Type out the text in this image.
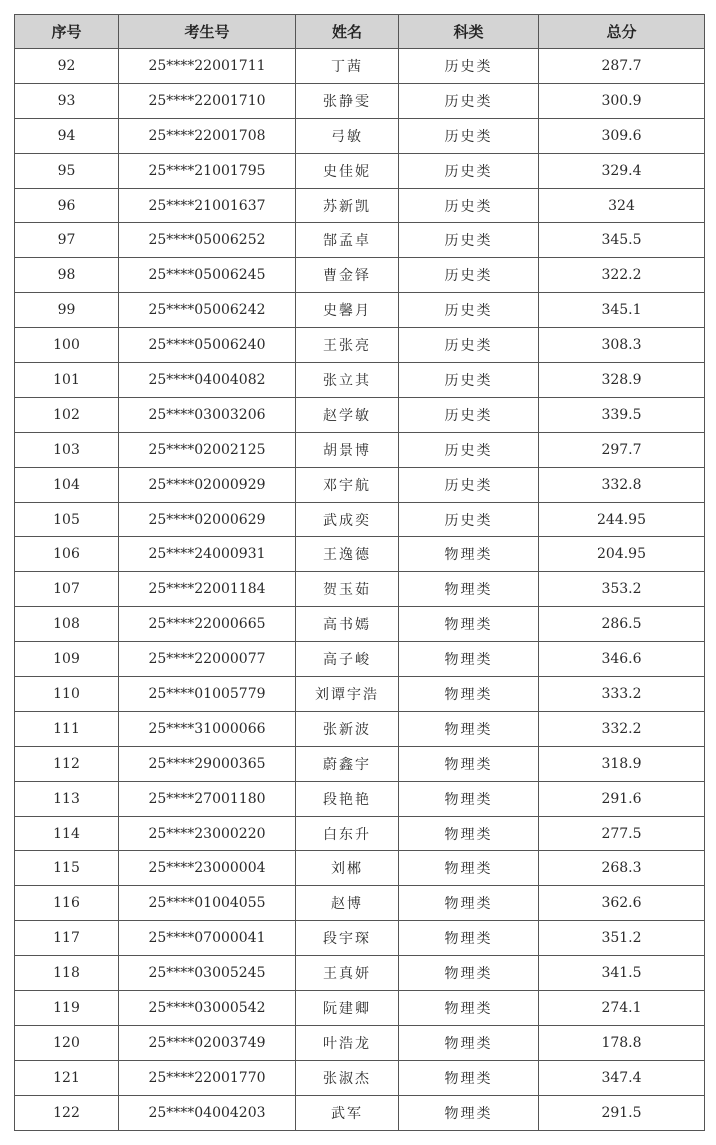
序号	考生号	姓名	科类	总分
92	25****22001711	丁茜	历史类	287.7
93	25****22001710	张静雯	历史类	300.9
94	25****22001708	弓敏	历史类	309.6
95	25****21001795	史佳妮	历史类	329.4
96	25****21001637	苏新凯	历史类	324
97	25****05006252	郜孟卓	历史类	345.5
98	25****05006245	曹金铎	历史类	322.2
99	25****05006242	史馨月	历史类	345.1
100	25****05006240	王张亮	历史类	308.3
101	25****04004082	张立其	历史类	328.9
102	25****03003206	赵学敏	历史类	339.5
103	25****02002125	胡景博	历史类	297.7
104	25****02000929	邓宇航	历史类	332.8
105	25****02000629	武成奕	历史类	244.95
106	25****24000931	王逸德	物理类	204.95
107	25****22001184	贺玉茹	物理类	353.2
108	25****22000665	高书嫣	物理类	286.5
109	25****22000077	高子峻	物理类	346.6
110	25****01005779	刘谭宇浩	物理类	333.2
111	25****31000066	张新波	物理类	332.2
112	25****29000365	蔚鑫宇	物理类	318.9
113	25****27001180	段艳艳	物理类	291.6
114	25****23000220	白东升	物理类	277.5
115	25****23000004	刘郴	物理类	268.3
116	25****01004055	赵博	物理类	362.6
117	25****07000041	段宇琛	物理类	351.2
118	25****03005245	王真妍	物理类	341.5
119	25****03000542	阮建卿	物理类	274.1
120	25****02003749	叶浩龙	物理类	178.8
121	25****22001770	张淑杰	物理类	347.4
122	25****04004203	武军	物理类	291.5
